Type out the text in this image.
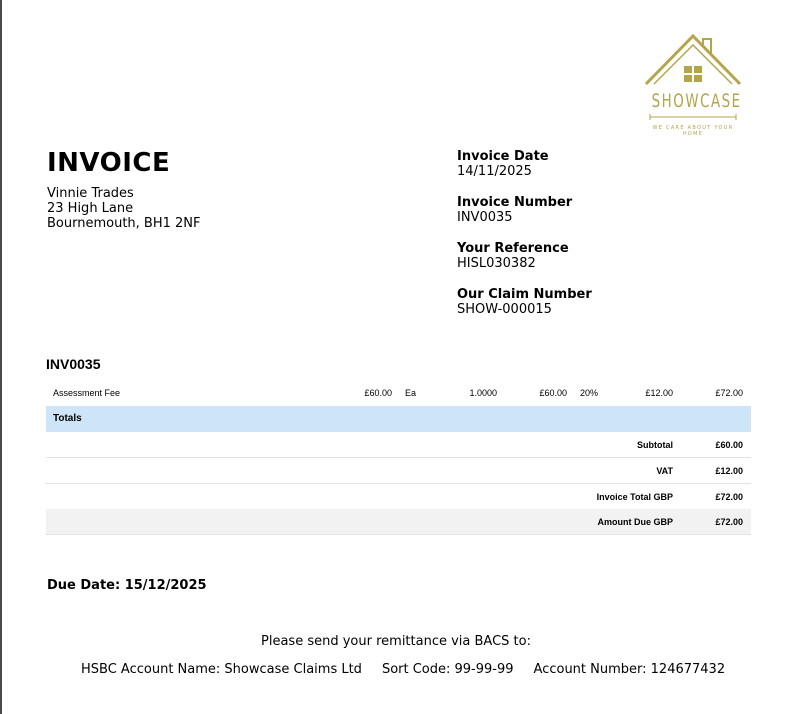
SHOWCASE
WE CARE ABOUT YOUR HOME
INVOICE
Vinnie Trades
23 High Lane
Bournemouth, BH1 2NF
Invoice Date
14/11/2025
Invoice Number
INV0035
Your Reference
HISL030382
Our Claim Number
SHOW-000015
INV0035
Assessment Fee	£60.00 Ea	1.0000	£60.00 20%	£12.00	£72.00
Totals
Subtotal	£60.00
VAT	£12.00
Invoice Total GBP	£72.00
Amount Due GBP	£72.00
Due Date: 15/12/2025
Please send your remittance via BACS to:
HSBC Account Name: Showcase Claims Ltd Sort Code: 99-99-99 Account Number: 124677432
